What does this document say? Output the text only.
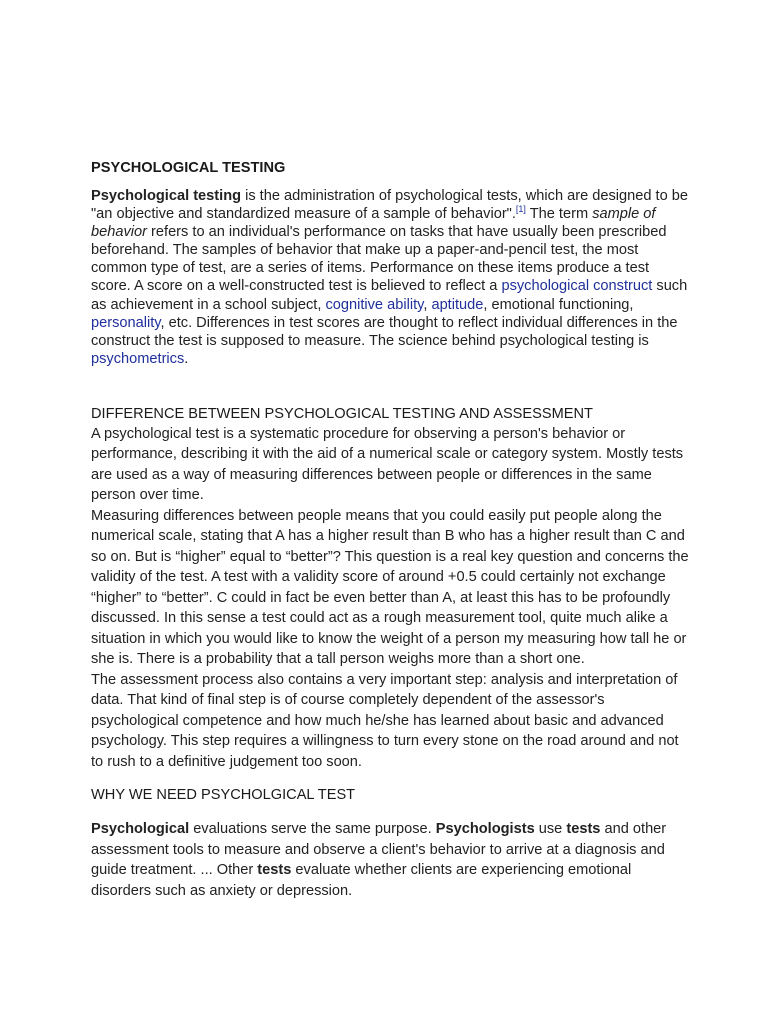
PSYCHOLOGICAL TESTING

Psychological testing is the administration of psychological tests, which are designed to be "an objective and standardized measure of a sample of behavior".[1] The term sample of behavior refers to an individual's performance on tasks that have usually been prescribed beforehand. The samples of behavior that make up a paper-and-pencil test, the most common type of test, are a series of items. Performance on these items produce a test score. A score on a well-constructed test is believed to reflect a psychological construct such as achievement in a school subject, cognitive ability, aptitude, emotional functioning, personality, etc. Differences in test scores are thought to reflect individual differences in the construct the test is supposed to measure. The science behind psychological testing is psychometrics.

DIFFERENCE BETWEEN PSYCHOLOGICAL TESTING AND ASSESSMENT

A psychological test is a systematic procedure for observing a person's behavior or performance, describing it with the aid of a numerical scale or category system. Mostly tests are used as a way of measuring differences between people or differences in the same person over time.

Measuring differences between people means that you could easily put people along the numerical scale, stating that A has a higher result than B who has a higher result than C and so on. But is “higher” equal to “better”? This question is a real key question and concerns the validity of the test. A test with a validity score of around +0.5 could certainly not exchange “higher” to “better”. C could in fact be even better than A, at least this has to be profoundly discussed. In this sense a test could act as a rough measurement tool, quite much alike a situation in which you would like to know the weight of a person my measuring how tall he or she is. There is a probability that a tall person weighs more than a short one.

The assessment process also contains a very important step: analysis and interpretation of data. That kind of final step is of course completely dependent of the assessor's psychological competence and how much he/she has learned about basic and advanced psychology. This step requires a willingness to turn every stone on the road around and not to rush to a definitive judgement too soon.

WHY WE NEED PSYCHOLGICAL TEST

Psychological evaluations serve the same purpose. Psychologists use tests and other assessment tools to measure and observe a client's behavior to arrive at a diagnosis and guide treatment. ... Other tests evaluate whether clients are experiencing emotional disorders such as anxiety or depression.
